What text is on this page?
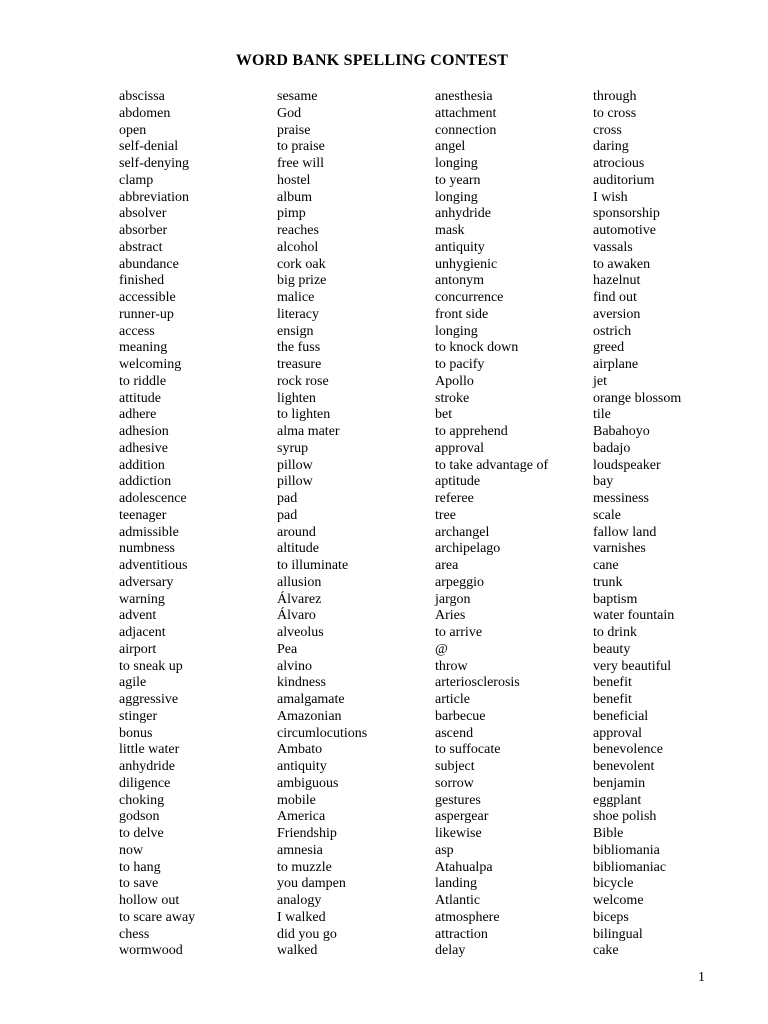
WORD BANK SPELLING CONTEST
abscissa
abdomen
open
self-denial
self-denying
clamp
abbreviation
absolver
absorber
abstract
abundance
finished
accessible
runner-up
access
meaning
welcoming
to riddle
attitude
adhere
adhesion
adhesive
addition
addiction
adolescence
teenager
admissible
numbness
adventitious
adversary
warning
advent
adjacent
airport
to sneak up
agile
aggressive
stinger
bonus
little water
anhydride
diligence
choking
godson
to delve
now
to hang
to save
hollow out
to scare away
chess
wormwood
sesame
God
praise
to praise
free will
hostel
album
pimp
reaches
alcohol
cork oak
big prize
malice
literacy
ensign
the fuss
treasure
rock rose
lighten
to lighten
alma mater
syrup
pillow
pillow
pad
pad
around
altitude
to illuminate
allusion
Álvarez
Álvaro
alveolus
Pea
alvino
kindness
amalgamate
Amazonian
circumlocutions
Ambato
antiquity
ambiguous
mobile
America
Friendship
amnesia
to muzzle
you dampen
analogy
I walked
did you go
walked
anesthesia
attachment
connection
angel
longing
to yearn
longing
anhydride
mask
antiquity
unhygienic
antonym
concurrence
front side
longing
to knock down
to pacify
Apollo
stroke
bet
to apprehend
approval
to take advantage of
aptitude
referee
tree
archangel
archipelago
area
arpeggio
jargon
Aries
to arrive
@
throw
arteriosclerosis
article
barbecue
ascend
to suffocate
subject
sorrow
gestures
aspergear
likewise
asp
Atahualpa
landing
Atlantic
atmosphere
attraction
delay
through
to cross
cross
daring
atrocious
auditorium
I wish
sponsorship
automotive
vassals
to awaken
hazelnut
find out
aversion
ostrich
greed
airplane
jet
orange blossom
tile
Babahoyo
badajo
loudspeaker
bay
messiness
scale
fallow land
varnishes
cane
trunk
baptism
water fountain
to drink
beauty
very beautiful
benefit
benefit
beneficial
approval
benevolence
benevolent
benjamin
eggplant
shoe polish
Bible
bibliomania
bibliomaniac
bicycle
welcome
biceps
bilingual
cake
1
